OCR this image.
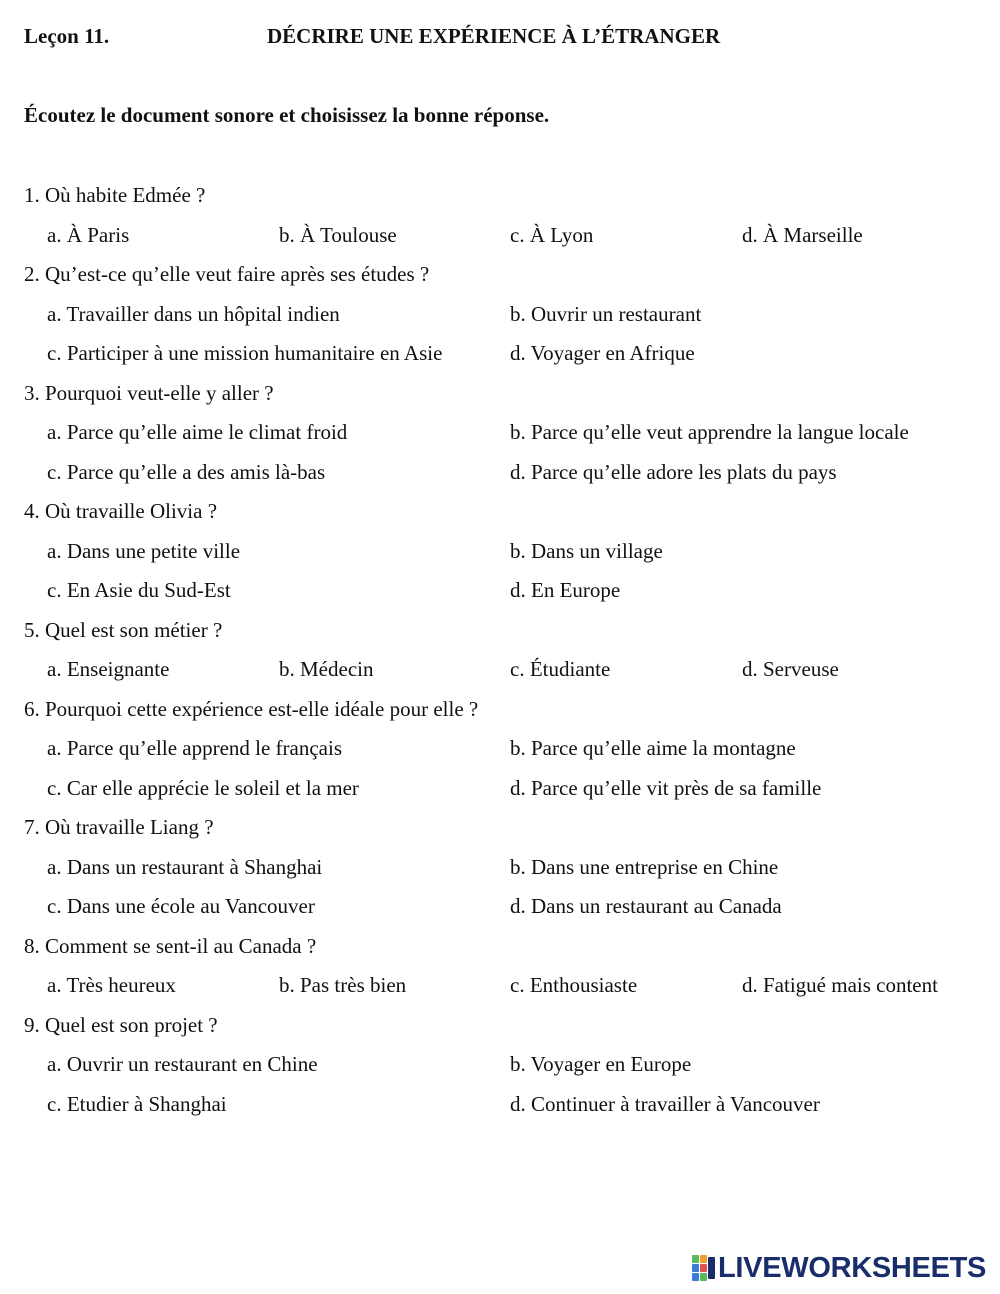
Leçon 11.	DÉCRIRE UNE EXPÉRIENCE À L’ÉTRANGER
Écoutez le document sonore et choisissez la bonne réponse.
1. Où habite Edmée ?
a. À Paris	b. À Toulouse	c. À Lyon	d. À Marseille
2. Qu’est-ce qu’elle veut faire après ses études ?
a. Travailler dans un hôpital indien	b. Ouvrir un restaurant
c. Participer à une mission humanitaire en Asie	d. Voyager en Afrique
3. Pourquoi veut-elle y aller ?
a. Parce qu’elle aime le climat froid	b. Parce qu’elle veut apprendre la langue locale
c. Parce qu’elle a des amis là-bas	d. Parce qu’elle adore les plats du pays
4. Où travaille Olivia ?
a. Dans une petite ville	b. Dans un village
c. En Asie du Sud-Est	d. En Europe
5. Quel est son métier ?
a. Enseignante	b. Médecin	c. Étudiante	d. Serveuse
6. Pourquoi cette expérience est-elle idéale pour elle ?
a. Parce qu’elle apprend le français	b. Parce qu’elle aime la montagne
c. Car elle apprécie le soleil et la mer	d. Parce qu’elle vit près de sa famille
7. Où travaille Liang ?
a. Dans un restaurant à Shanghai	b. Dans une entreprise en Chine
c. Dans une école au Vancouver	d. Dans un restaurant au Canada
8. Comment se sent-il au Canada ?
a. Très heureux	b. Pas très bien	c. Enthousiaste	d. Fatigué mais content
9. Quel est son projet ?
a. Ouvrir un restaurant en Chine	b. Voyager en Europe
c. Etudier à Shanghai	d. Continuer à travailler à Vancouver
LIVEWORKSHEETS
